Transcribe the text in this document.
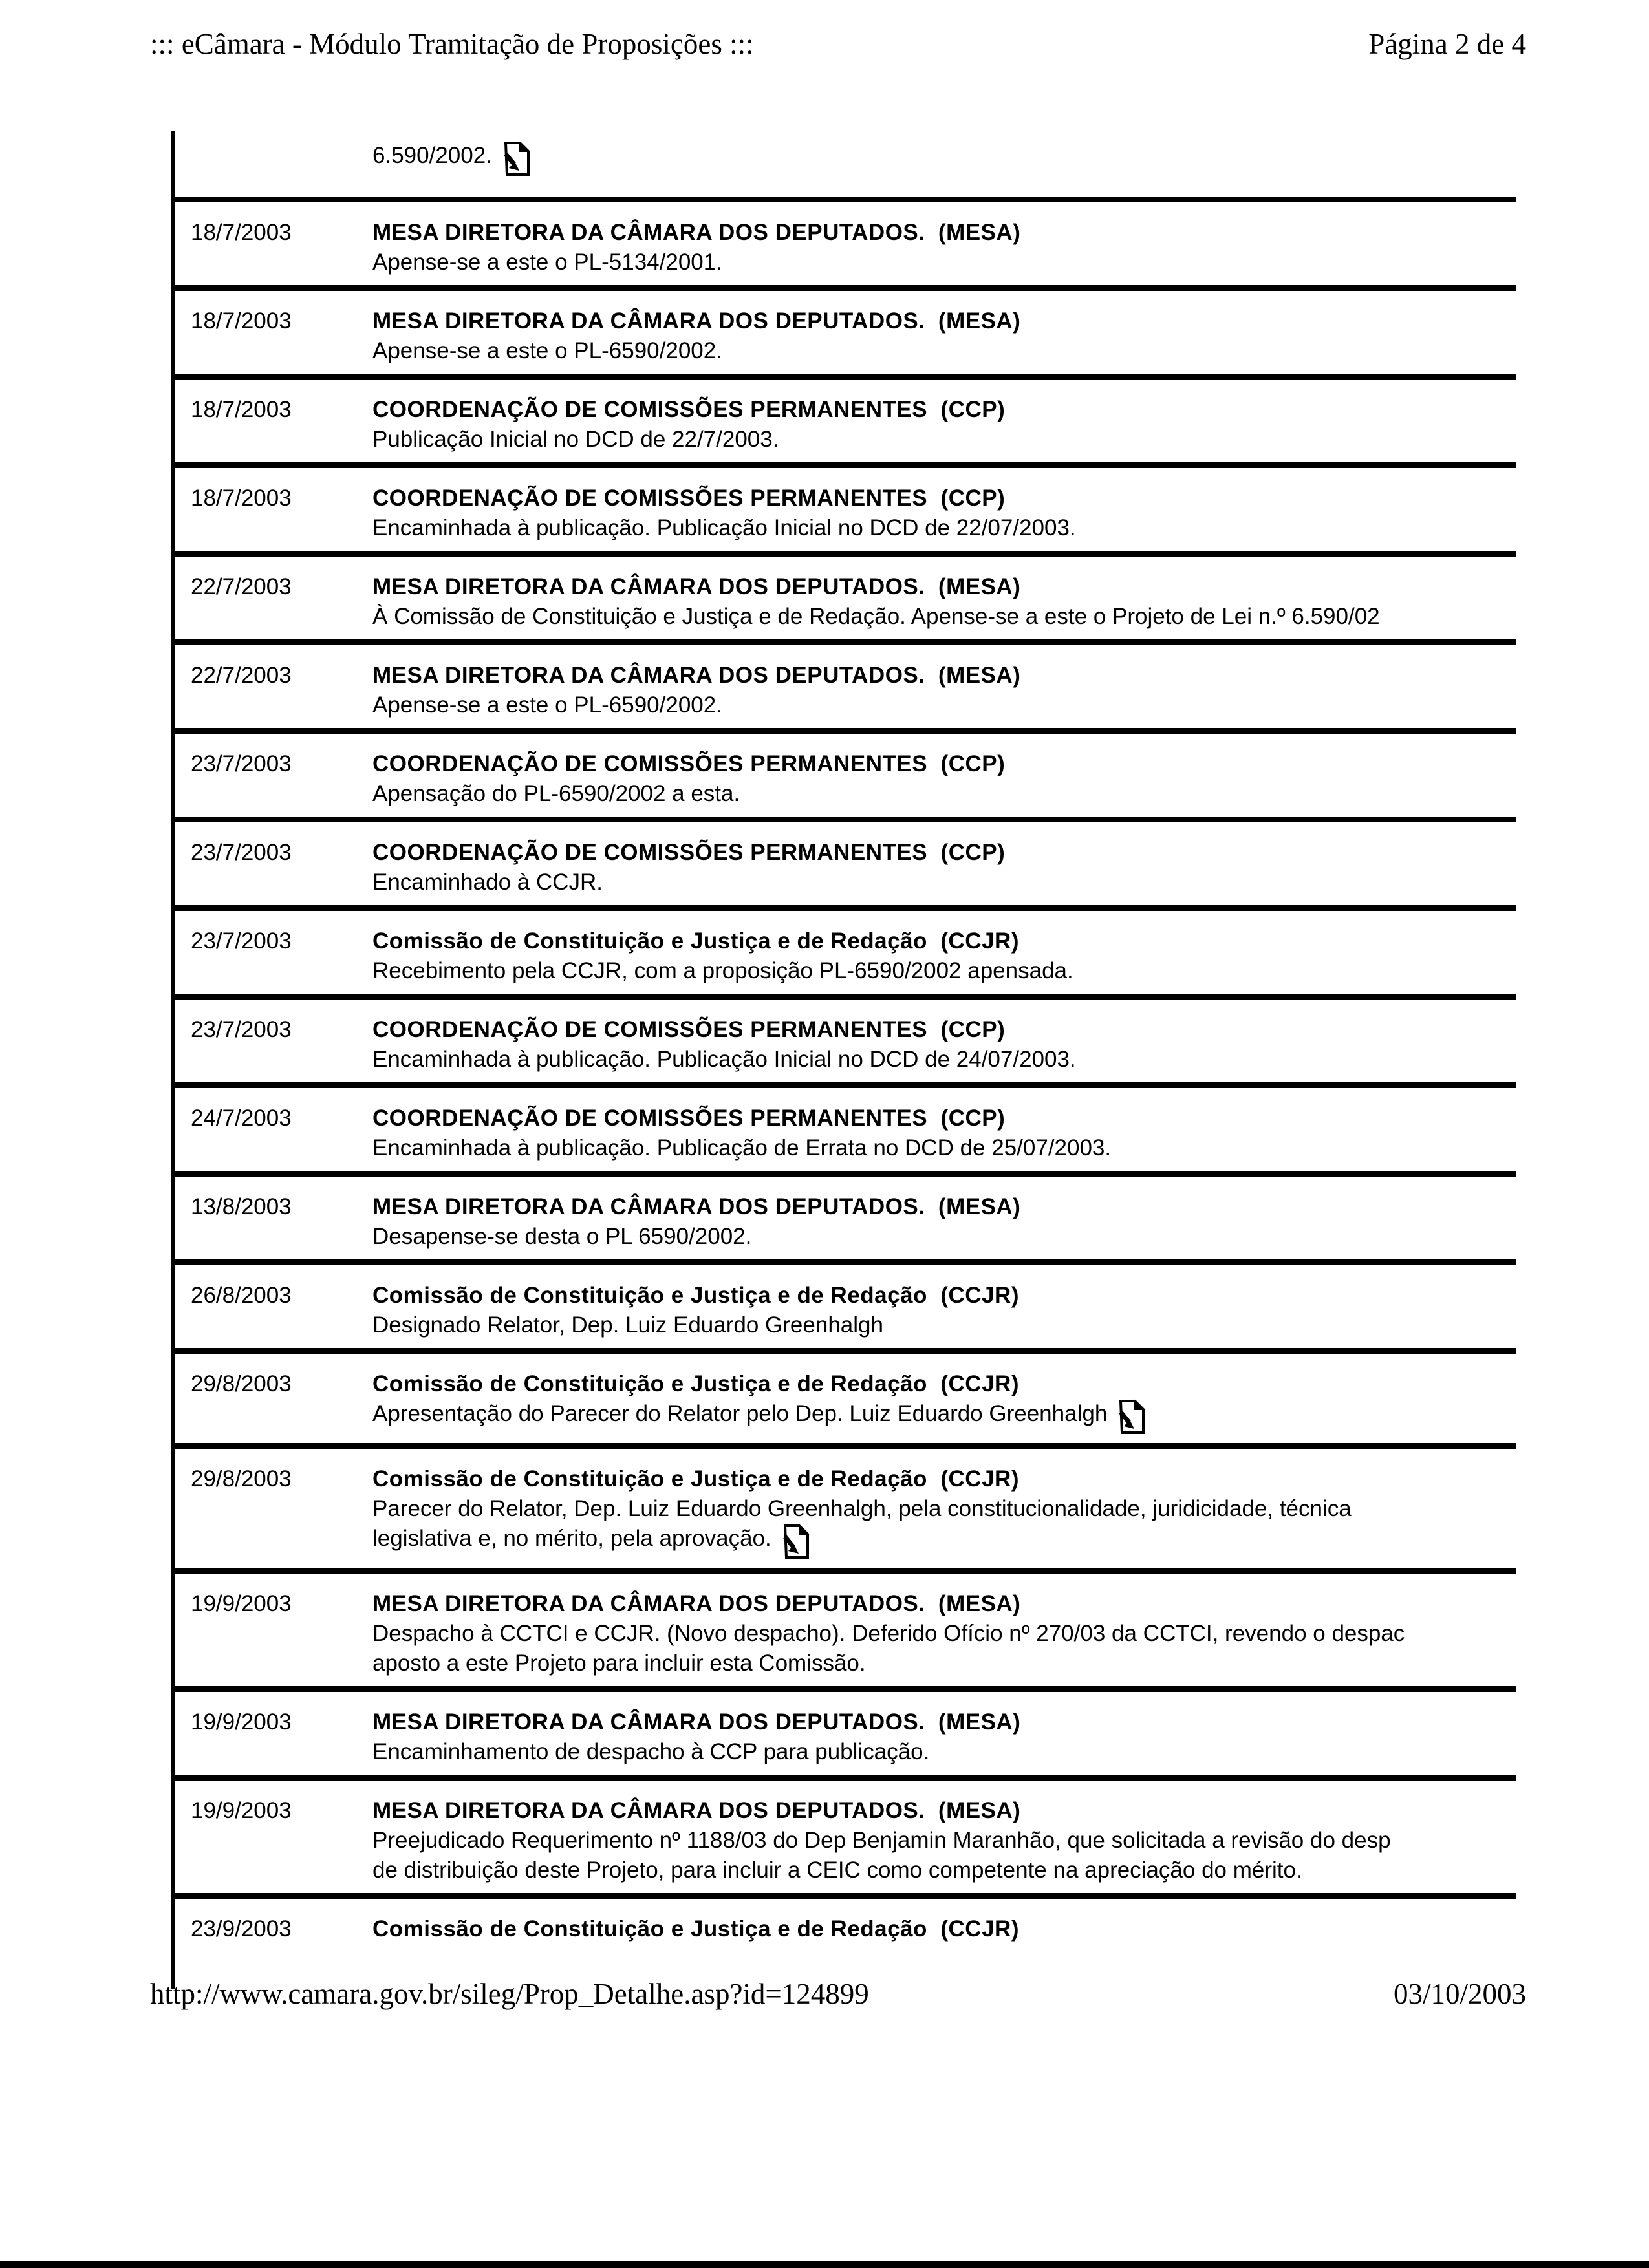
::: eCâmara - Módulo Tramitação de Proposições :::	Página 2 de 4
6.590/2002.
18/7/2003	MESA DIRETORA DA CÂMARA DOS DEPUTADOS.  (MESA)
Apense-se a este o PL-5134/2001.
18/7/2003	MESA DIRETORA DA CÂMARA DOS DEPUTADOS.  (MESA)
Apense-se a este o PL-6590/2002.
18/7/2003	COORDENAÇÃO DE COMISSÕES PERMANENTES  (CCP)
Publicação Inicial no DCD de 22/7/2003.
18/7/2003	COORDENAÇÃO DE COMISSÕES PERMANENTES  (CCP)
Encaminhada à publicação. Publicação Inicial no DCD de 22/07/2003.
22/7/2003	MESA DIRETORA DA CÂMARA DOS DEPUTADOS.  (MESA)
À Comissão de Constituição e Justiça e de Redação. Apense-se a este o Projeto de Lei n.º 6.590/02
22/7/2003	MESA DIRETORA DA CÂMARA DOS DEPUTADOS.  (MESA)
Apense-se a este o PL-6590/2002.
23/7/2003	COORDENAÇÃO DE COMISSÕES PERMANENTES  (CCP)
Apensação do PL-6590/2002 a esta.
23/7/2003	COORDENAÇÃO DE COMISSÕES PERMANENTES  (CCP)
Encaminhado à CCJR.
23/7/2003	Comissão de Constituição e Justiça e de Redação  (CCJR)
Recebimento pela CCJR, com a proposição PL-6590/2002 apensada.
23/7/2003	COORDENAÇÃO DE COMISSÕES PERMANENTES  (CCP)
Encaminhada à publicação. Publicação Inicial no DCD de 24/07/2003.
24/7/2003	COORDENAÇÃO DE COMISSÕES PERMANENTES  (CCP)
Encaminhada à publicação. Publicação de Errata no DCD de 25/07/2003.
13/8/2003	MESA DIRETORA DA CÂMARA DOS DEPUTADOS.  (MESA)
Desapense-se desta o PL 6590/2002.
26/8/2003	Comissão de Constituição e Justiça e de Redação  (CCJR)
Designado Relator, Dep. Luiz Eduardo Greenhalgh
29/8/2003	Comissão de Constituição e Justiça e de Redação  (CCJR)
Apresentação do Parecer do Relator pelo Dep. Luiz Eduardo Greenhalgh
29/8/2003	Comissão de Constituição e Justiça e de Redação  (CCJR)
Parecer do Relator, Dep. Luiz Eduardo Greenhalgh, pela constitucionalidade, juridicidade, técnica
legislativa e, no mérito, pela aprovação.
19/9/2003	MESA DIRETORA DA CÂMARA DOS DEPUTADOS.  (MESA)
Despacho à CCTCI e CCJR. (Novo despacho). Deferido Ofício nº 270/03 da CCTCI, revendo o despac
aposto a este Projeto para incluir esta Comissão.
19/9/2003	MESA DIRETORA DA CÂMARA DOS DEPUTADOS.  (MESA)
Encaminhamento de despacho à CCP para publicação.
19/9/2003	MESA DIRETORA DA CÂMARA DOS DEPUTADOS.  (MESA)
Preejudicado Requerimento nº 1188/03 do Dep Benjamin Maranhão, que solicitada a revisão do desp
de distribuição deste Projeto, para incluir a CEIC como competente na apreciação do mérito.
23/9/2003	Comissão de Constituição e Justiça e de Redação  (CCJR)
http://www.camara.gov.br/sileg/Prop_Detalhe.asp?id=124899	03/10/2003
